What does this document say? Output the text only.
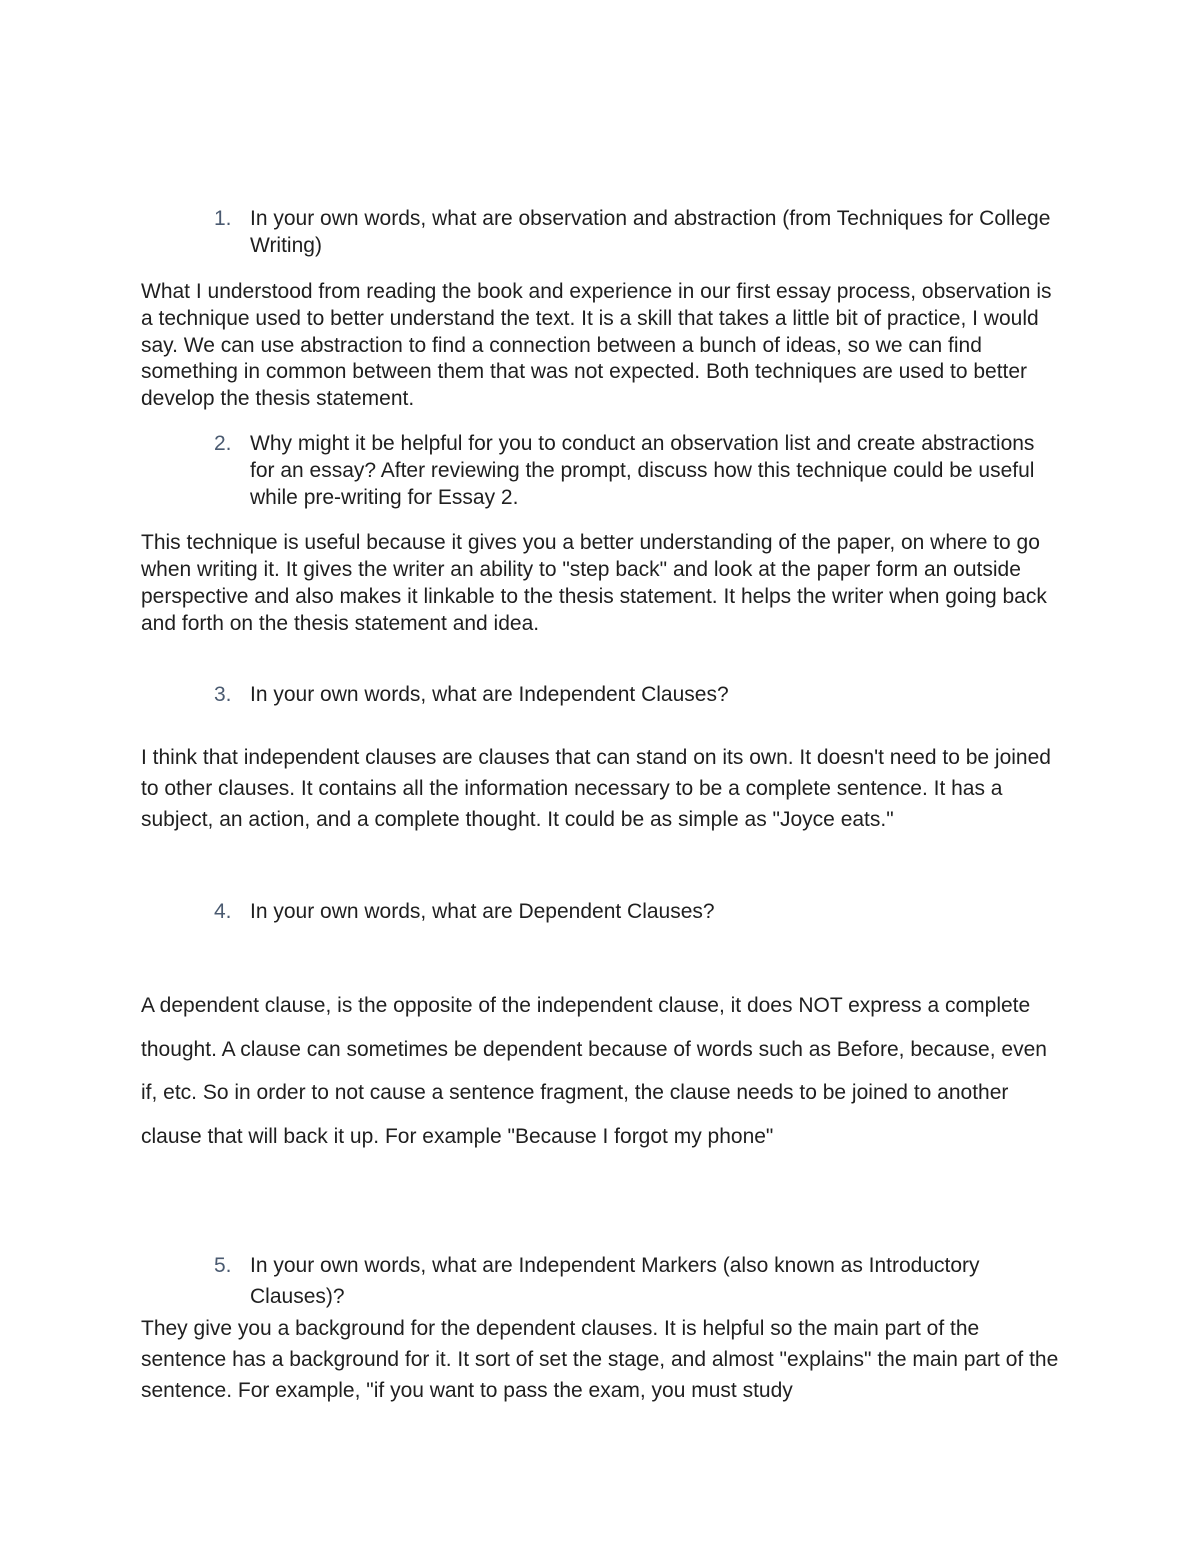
1. In your own words, what are observation and abstraction (from Techniques for College Writing)

What I understood from reading the book and experience in our first essay process, observation is a technique used to better understand the text. It is a skill that takes a little bit of practice, I would say. We can use abstraction to find a connection between a bunch of ideas, so we can find something in common between them that was not expected. Both techniques are used to better develop the thesis statement.

2. Why might it be helpful for you to conduct an observation list and create abstractions for an essay? After reviewing the prompt, discuss how this technique could be useful while pre-writing for Essay 2.

This technique is useful because it gives you a better understanding of the paper, on where to go when writing it. It gives the writer an ability to "step back" and look at the paper form an outside perspective and also makes it linkable to the thesis statement. It helps the writer when going back and forth on the thesis statement and idea.

3. In your own words, what are Independent Clauses?

I think that independent clauses are clauses that can stand on its own. It doesn't need to be joined to other clauses. It contains all the information necessary to be a complete sentence. It has a subject, an action, and a complete thought. It could be as simple as "Joyce eats."

4. In your own words, what are Dependent Clauses?

A dependent clause, is the opposite of the independent clause, it does NOT express a complete thought. A clause can sometimes be dependent because of words such as Before, because, even if, etc. So in order to not cause a sentence fragment, the clause needs to be joined to another clause that will back it up. For example "Because I forgot my phone"

5. In your own words, what are Independent Markers (also known as Introductory Clauses)?

They give you a background for the dependent clauses. It is helpful so the main part of the sentence has a background for it. It sort of set the stage, and almost "explains" the main part of the sentence. For example, "if you want to pass the exam, you must study
